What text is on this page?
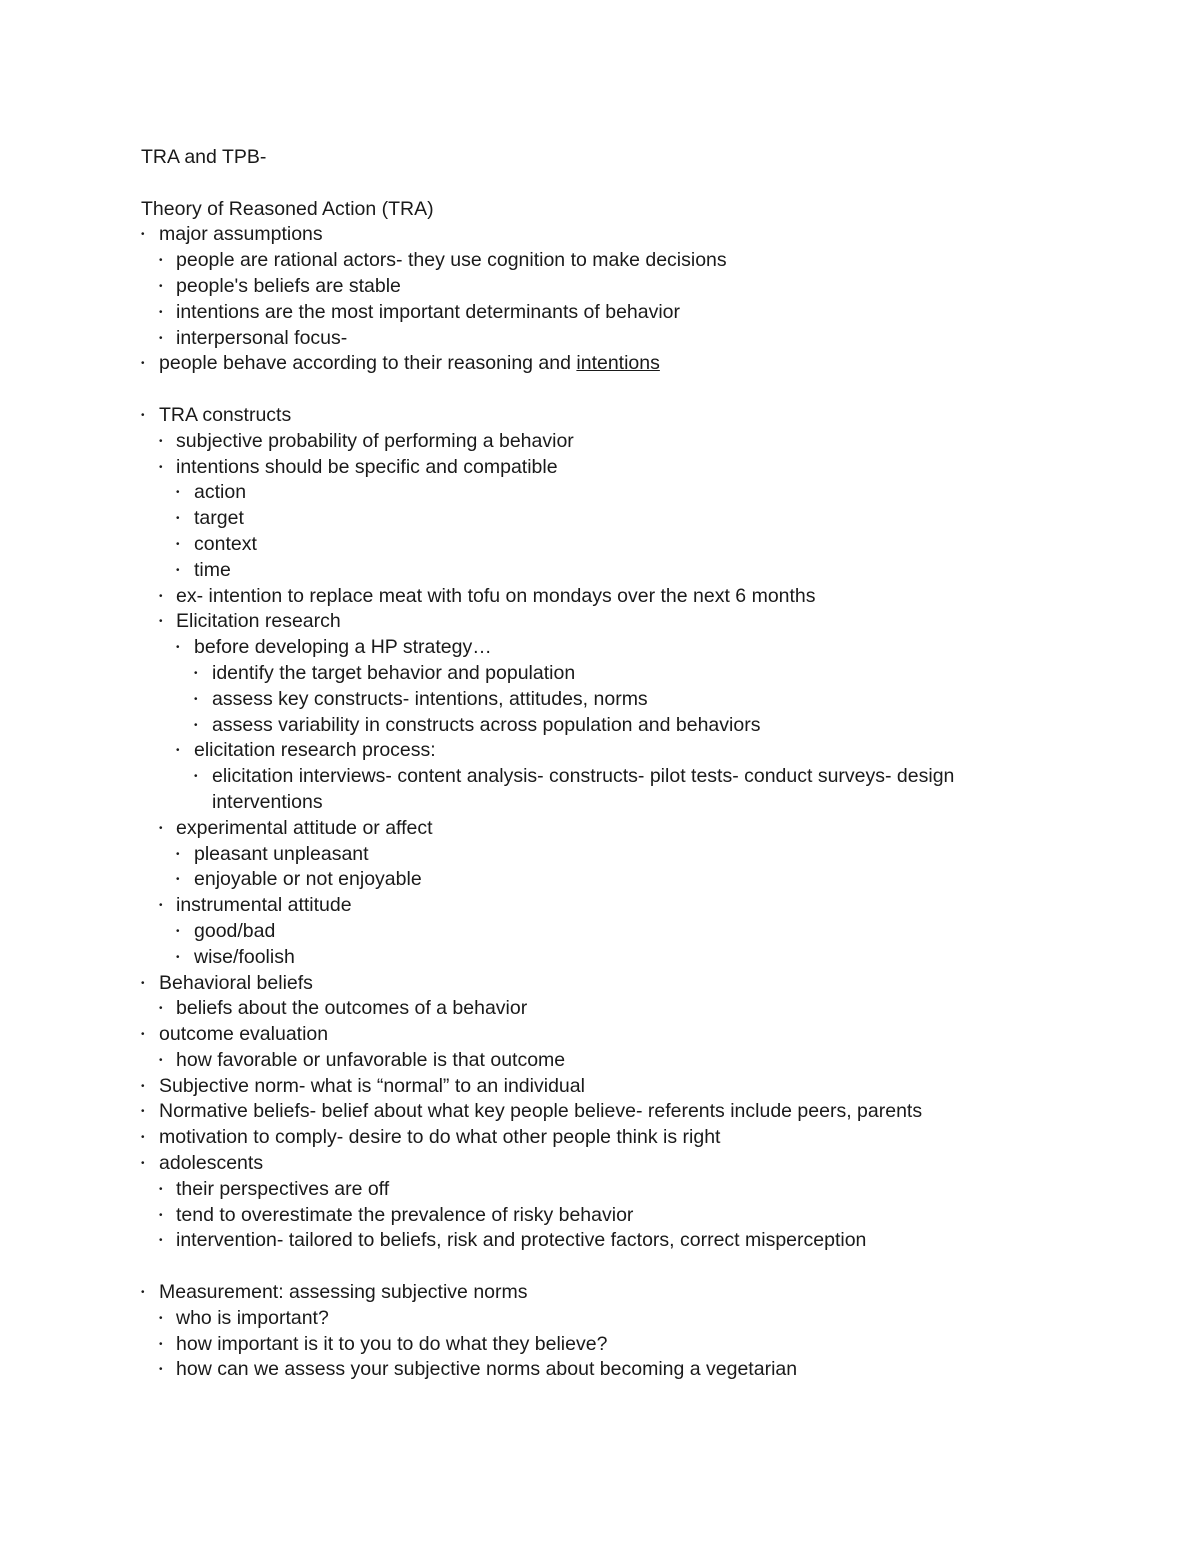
TRA and TPB-
Theory of Reasoned Action (TRA)
• major assumptions
• people are rational actors- they use cognition to make decisions
• people's beliefs are stable
• intentions are the most important determinants of behavior
• interpersonal focus-
• people behave according to their reasoning and intentions
• TRA constructs
• subjective probability of performing a behavior
• intentions should be specific and compatible
• action
• target
• context
• time
• ex- intention to replace meat with tofu on mondays over the next 6 months
• Elicitation research
• before developing a HP strategy…
• identify the target behavior and population
• assess key constructs- intentions, attitudes, norms
• assess variability in constructs across population and behaviors
• elicitation research process:
• elicitation interviews- content analysis- constructs- pilot tests- conduct surveys- design
interventions
• experimental attitude or affect
• pleasant unpleasant
• enjoyable or not enjoyable
• instrumental attitude
• good/bad
• wise/foolish
• Behavioral beliefs
• beliefs about the outcomes of a behavior
• outcome evaluation
• how favorable or unfavorable is that outcome
• Subjective norm- what is “normal” to an individual
• Normative beliefs- belief about what key people believe- referents include peers, parents
• motivation to comply- desire to do what other people think is right
• adolescents
• their perspectives are off
• tend to overestimate the prevalence of risky behavior
• intervention- tailored to beliefs, risk and protective factors, correct misperception
• Measurement: assessing subjective norms
• who is important?
• how important is it to you to do what they believe?
• how can we assess your subjective norms about becoming a vegetarian
